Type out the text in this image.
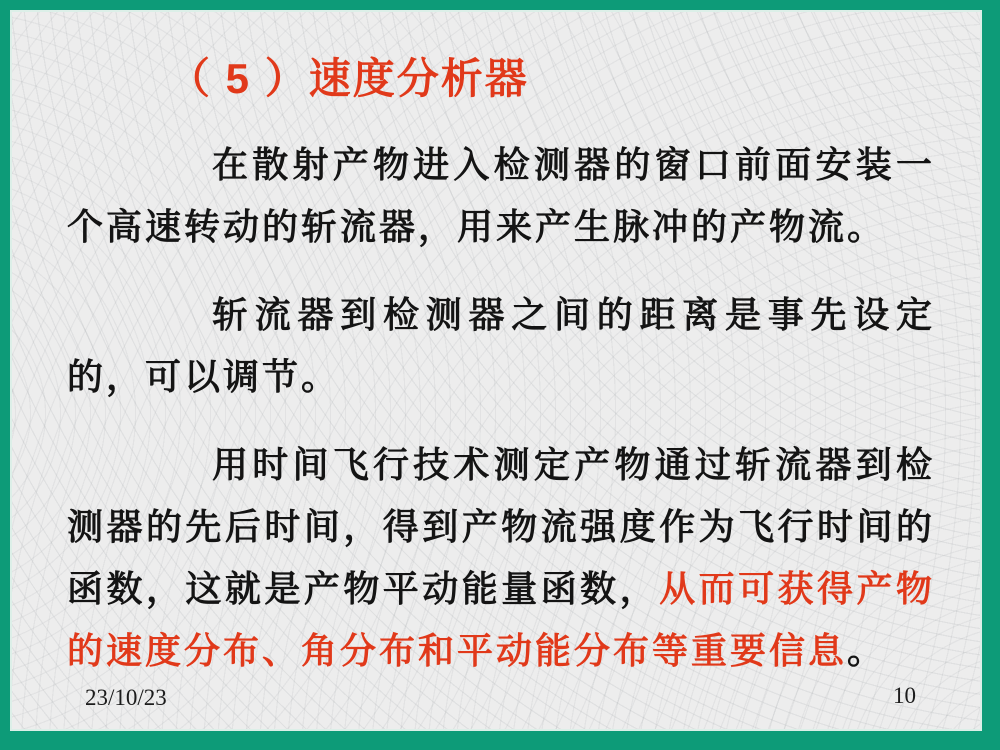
（ 5 ）速度分析器

在散射产物进入检测器的窗口前面安装一个高速转动的斩流器，用来产生脉冲的产物流。

斩流器到检测器之间的距离是事先设定的，可以调节。

用时间飞行技术测定产物通过斩流器到检测器的先后时间，得到产物流强度作为飞行时间的函数，这就是产物平动能量函数，从而可获得产物的速度分布、角分布和平动能分布等重要信息。

23/10/23	10
